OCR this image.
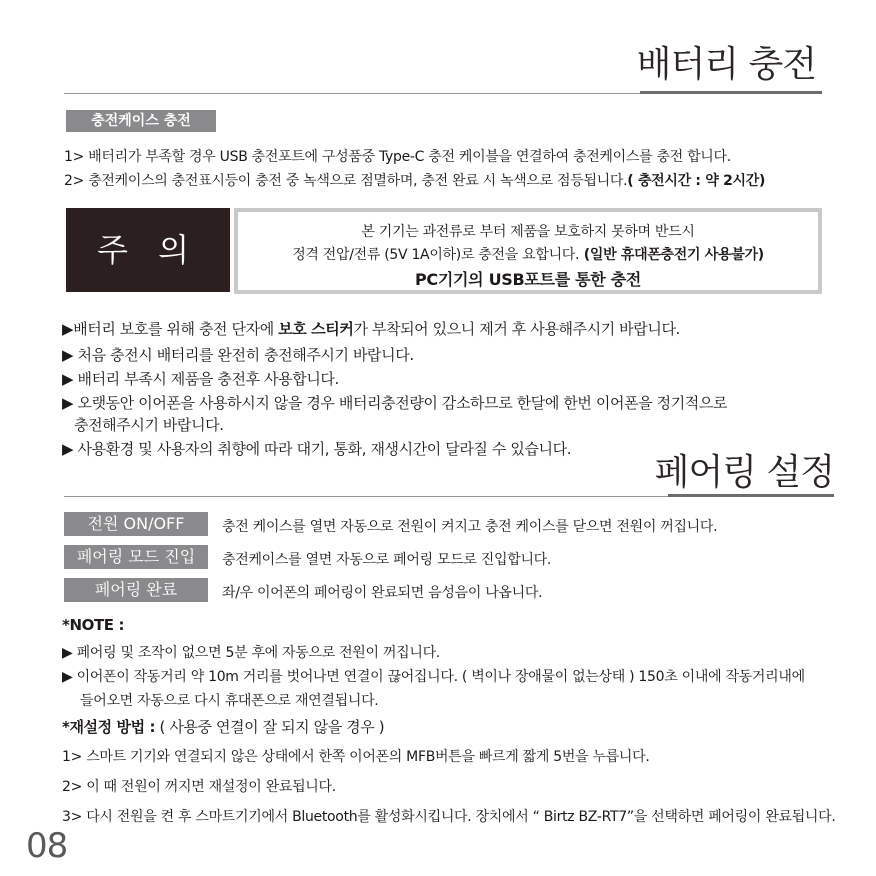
배터리 충전
충전케이스 충전
1> 배터리가 부족할 경우 USB 충전포트에 구성품중 Type-C 충전 케이블을 연결하여 충전케이스를 충전 합니다.
2> 충전케이스의 충전표시등이 충전 중 녹색으로 점멸하며, 충전 완료 시 녹색으로 점등됩니다.( 충전시간 : 약 2시간)
주 의	본 기기는 과전류로 부터 제품을 보호하지 못하며 반드시
정격 전압/전류 (5V 1A이하)로 충전을 요합니다. (일반 휴대폰충전기 사용불가)
PC기기의 USB포트를 통한 충전
▶배터리 보호를 위해 충전 단자에 보호 스티커가 부착되어 있으니 제거 후 사용해주시기 바랍니다.
▶ 처음 충전시 배터리를 완전히 충전해주시기 바랍니다.
▶ 배터리 부족시 제품을 충전후 사용합니다.
▶ 오랫동안 이어폰을 사용하시지 않을 경우 배터리충전량이 감소하므로 한달에 한번 이어폰을 정기적으로
충전해주시기 바랍니다.
▶ 사용환경 및 사용자의 취향에 따라 대기, 통화, 재생시간이 달라질 수 있습니다.
페어링 설정
전원 ON/OFF	충전 케이스를 열면 자동으로 전원이 켜지고 충전 케이스를 닫으면 전원이 꺼집니다.
페어링 모드 진입	충전케이스를 열면 자동으로 페어링 모드로 진입합니다.
페어링 완료	좌/우 이어폰의 페어링이 완료되면 음성음이 나옵니다.
*NOTE :
▶ 페어링 및 조작이 없으면 5분 후에 자동으로 전원이 꺼집니다.
▶ 이어폰이 작동거리 약 10m 거리를 벗어나면 연결이 끊어집니다. ( 벽이나 장애물이 없는상태 ) 150초 이내에 작동거리내에
들어오면 자동으로 다시 휴대폰으로 재연결됩니다.
*재설정 방법 : ( 사용중 연결이 잘 되지 않을 경우 )
1> 스마트 기기와 연결되지 않은 상태에서 한쪽 이어폰의 MFB버튼을 빠르게 짧게 5번을 누릅니다.
2> 이 때 전원이 꺼지면 재설정이 완료됩니다.
3> 다시 전원을 켠 후 스마트기기에서 Bluetooth를 활성화시킵니다. 장치에서 “ Birtz BZ-RT7”을 선택하면 페어링이 완료됩니다.
08
